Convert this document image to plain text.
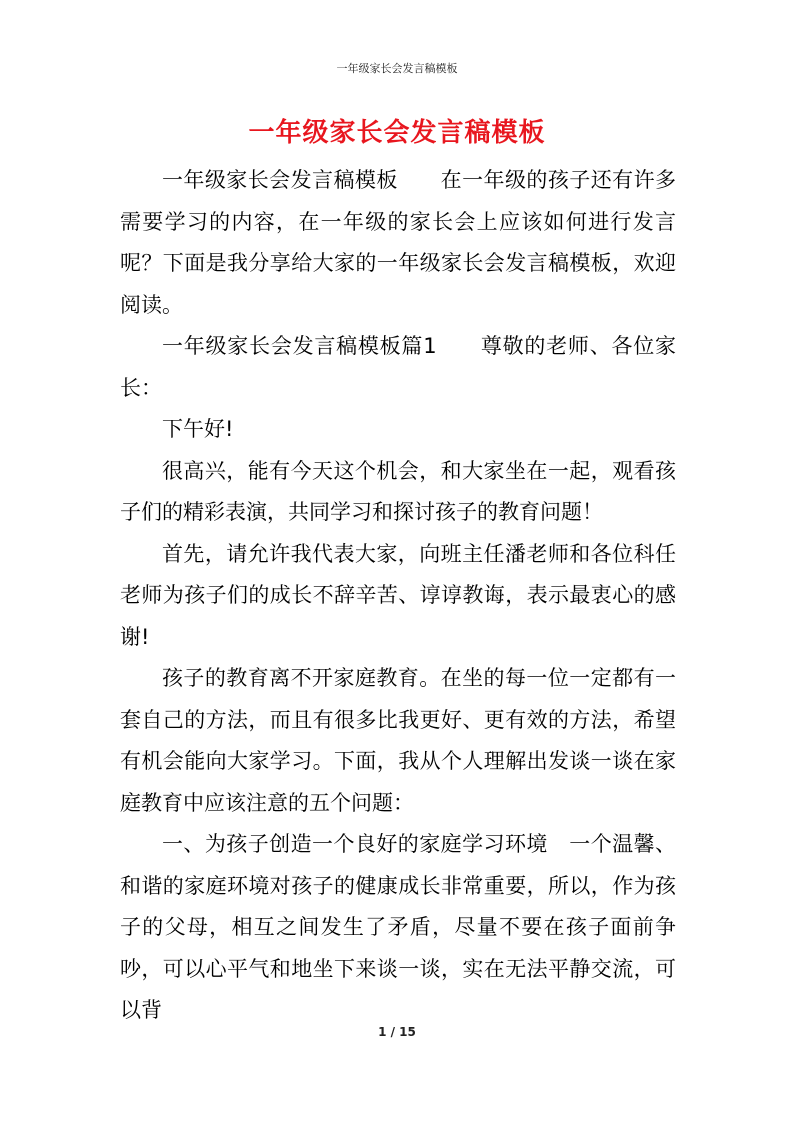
一年级家长会发言稿模板
一年级家长会发言稿模板

一年级家长会发言稿模板　　在一年级的孩子还有许多需要学习的内容，在一年级的家长会上应该如何进行发言呢？下面是我分享给大家的一年级家长会发言稿模板，欢迎阅读。

一年级家长会发言稿模板篇1　　尊敬的老师、各位家长：

下午好!

很高兴，能有今天这个机会，和大家坐在一起，观看孩子们的精彩表演，共同学习和探讨孩子的教育问题！

首先，请允许我代表大家，向班主任潘老师和各位科任老师为孩子们的成长不辞辛苦、谆谆教诲，表示最衷心的感谢!

孩子的教育离不开家庭教育。在坐的每一位一定都有一套自己的方法，而且有很多比我更好、更有效的方法，希望有机会能向大家学习。下面，我从个人理解出发谈一谈在家庭教育中应该注意的五个问题：

一、为孩子创造一个良好的家庭学习环境　一个温馨、和谐的家庭环境对孩子的健康成长非常重要，所以，作为孩子的父母，相互之间发生了矛盾，尽量不要在孩子面前争吵，可以心平气和地坐下来谈一谈，实在无法平静交流，可以背

1 / 15
